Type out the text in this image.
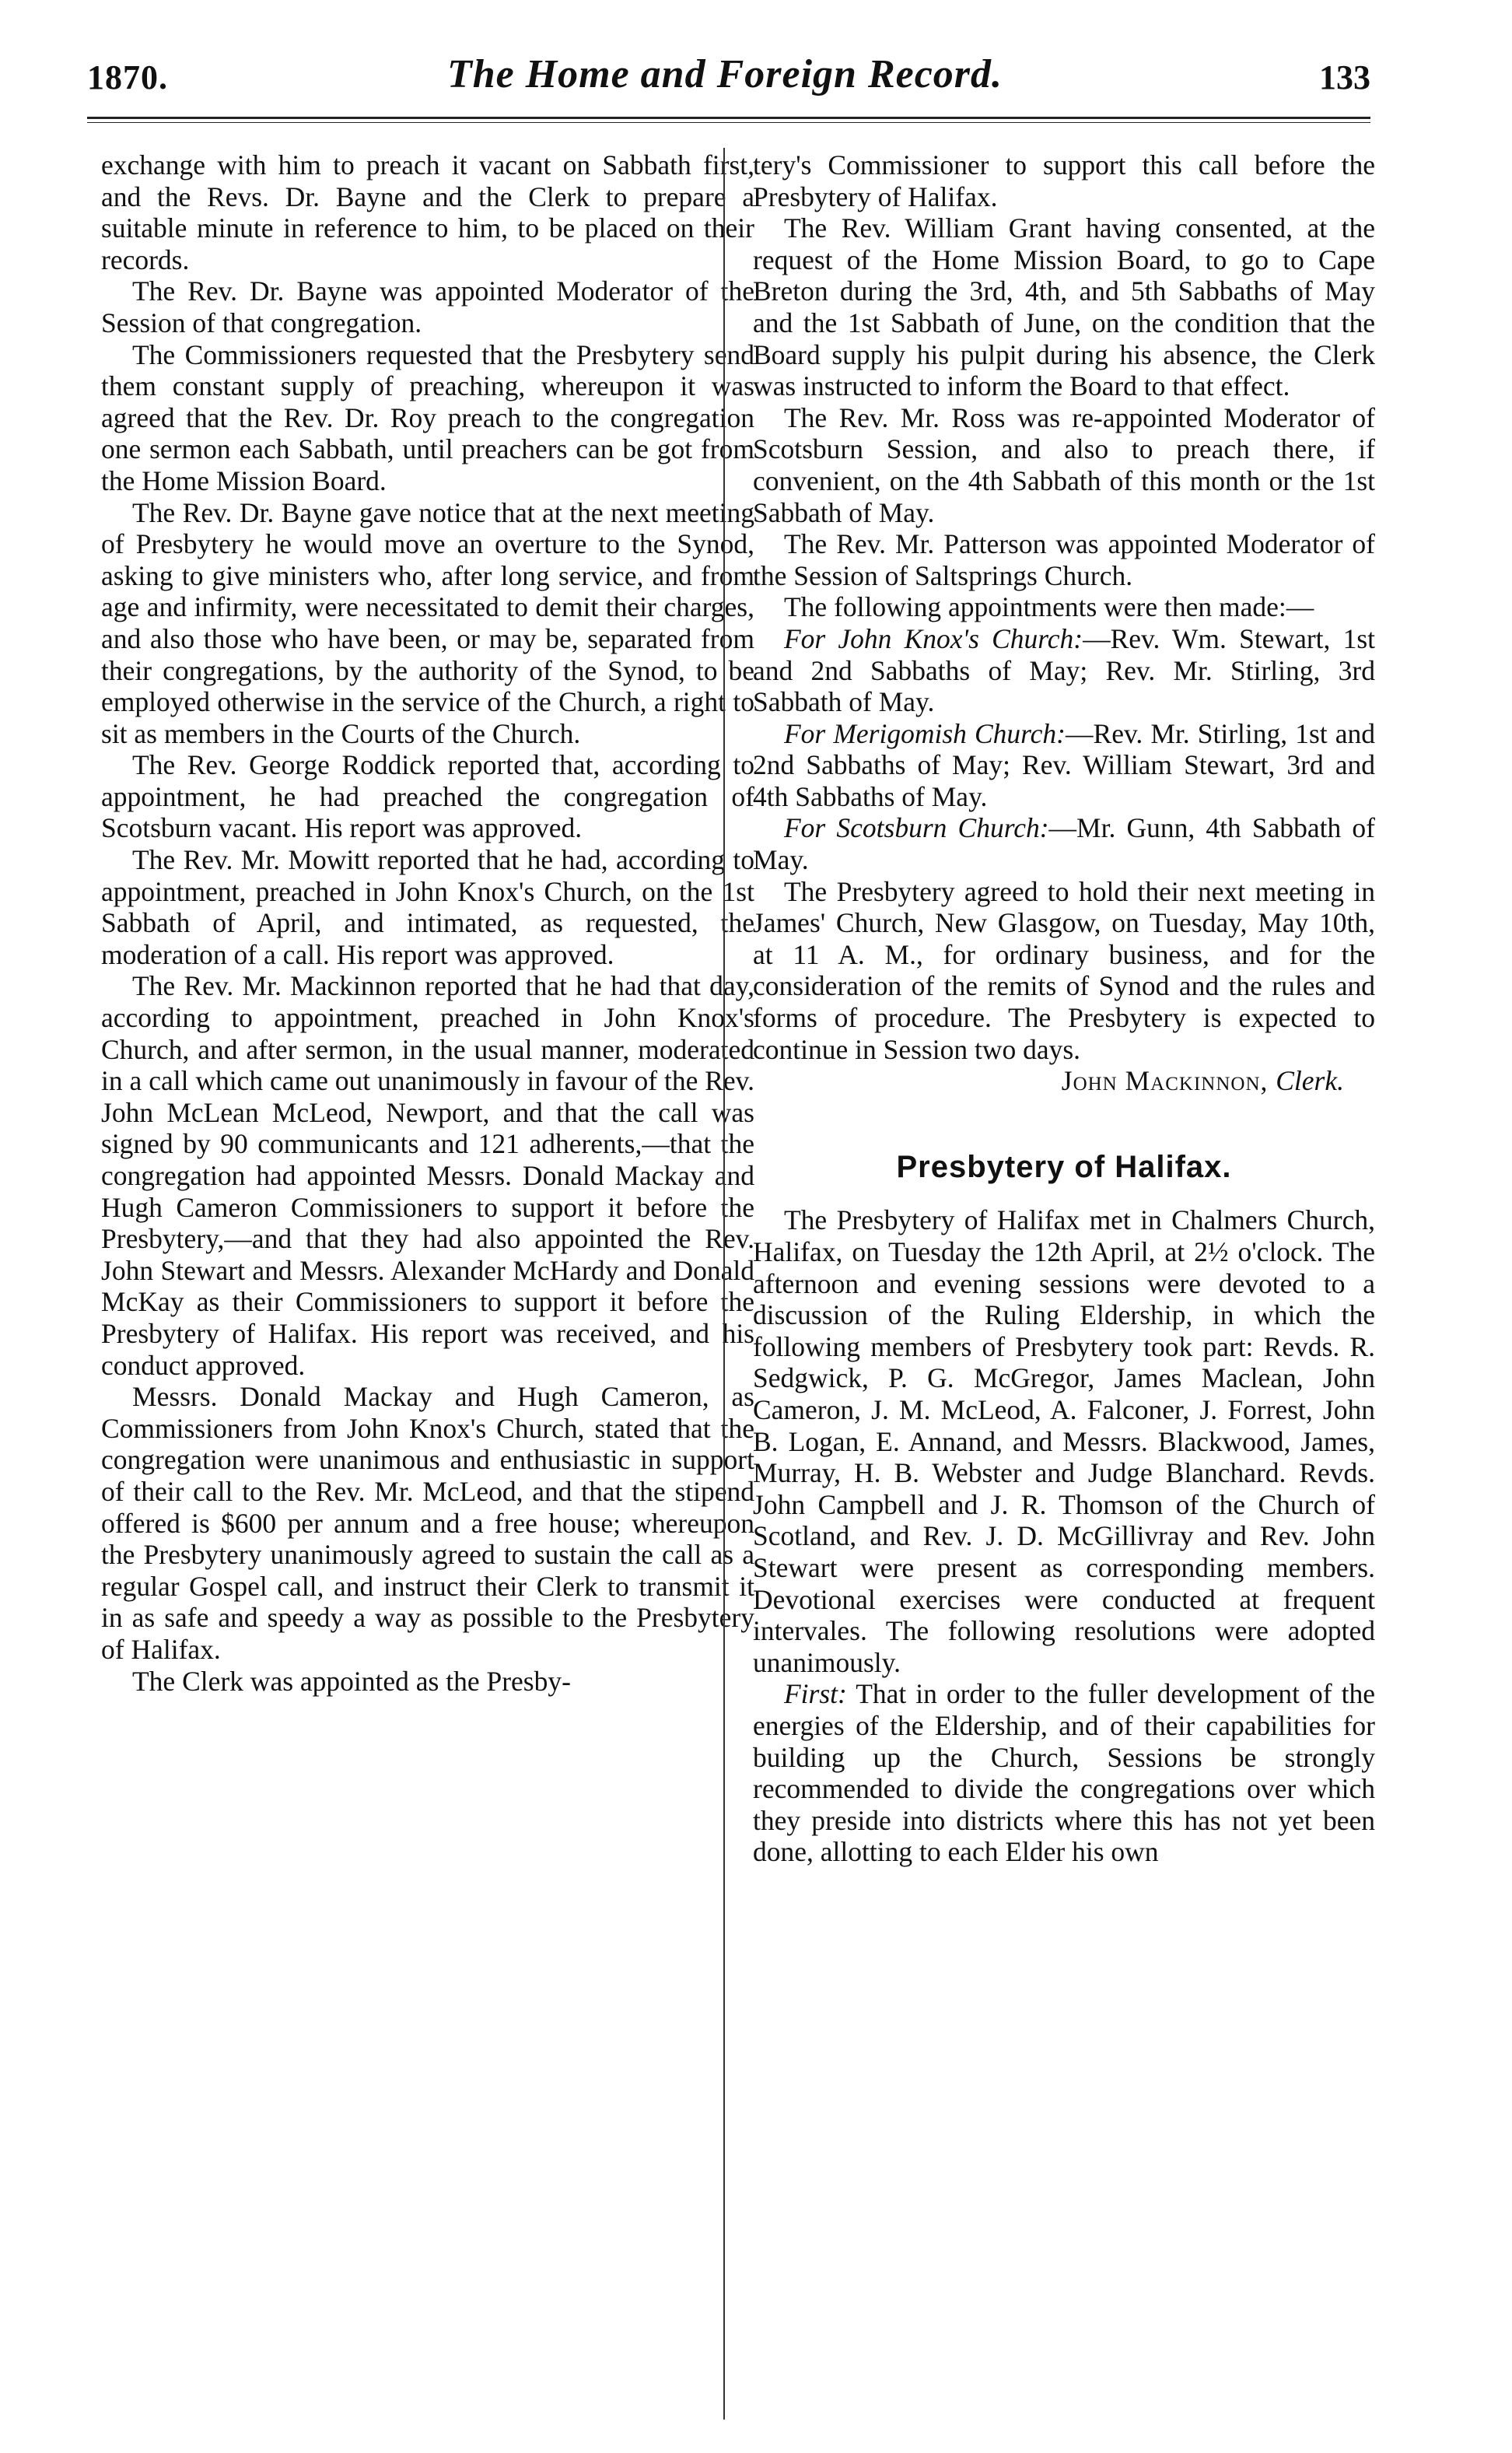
1870.	The Home and Foreign Record.	133

exchange with him to preach it vacant on Sabbath first, and the Revs. Dr. Bayne and the Clerk to prepare a suitable minute in reference to him, to be placed on their records.

The Rev. Dr. Bayne was appointed Moderator of the Session of that congregation.

The Commissioners requested that the Presbytery send them constant supply of preaching, whereupon it was agreed that the Rev. Dr. Roy preach to the congregation one sermon each Sabbath, until preachers can be got from the Home Mission Board.

The Rev. Dr. Bayne gave notice that at the next meeting of Presbytery he would move an overture to the Synod, asking to give ministers who, after long service, and from age and infirmity, were necessitated to demit their charges, and also those who have been, or may be, separated from their congregations, by the authority of the Synod, to be employed otherwise in the service of the Church, a right to sit as members in the Courts of the Church.

The Rev. George Roddick reported that, according to appointment, he had preached the congregation of Scotsburn vacant. His report was approved.

The Rev. Mr. Mowitt reported that he had, according to appointment, preached in John Knox's Church, on the 1st Sabbath of April, and intimated, as requested, the moderation of a call. His report was approved.

The Rev. Mr. Mackinnon reported that he had that day, according to appointment, preached in John Knox's Church, and after sermon, in the usual manner, moderated in a call which came out unanimously in favour of the Rev. John McLean McLeod, Newport, and that the call was signed by 90 communicants and 121 adherents,—that the congregation had appointed Messrs. Donald Mackay and Hugh Cameron Commissioners to support it before the Presbytery,—and that they had also appointed the Rev. John Stewart and Messrs. Alexander McHardy and Donald McKay as their Commissioners to support it before the Presbytery of Halifax. His report was received, and his conduct approved.

Messrs. Donald Mackay and Hugh Cameron, as Commissioners from John Knox's Church, stated that the congregation were unanimous and enthusiastic in support of their call to the Rev. Mr. McLeod, and that the stipend offered is $600 per annum and a free house; whereupon the Presbytery unanimously agreed to sustain the call as a regular Gospel call, and instruct their Clerk to transmit it in as safe and speedy a way as possible to the Presbytery of Halifax.

The Clerk was appointed as the Presby-

tery's Commissioner to support this call before the Presbytery of Halifax.

The Rev. William Grant having consented, at the request of the Home Mission Board, to go to Cape Breton during the 3rd, 4th, and 5th Sabbaths of May and the 1st Sabbath of June, on the condition that the Board supply his pulpit during his absence, the Clerk was instructed to inform the Board to that effect.

The Rev. Mr. Ross was re-appointed Moderator of Scotsburn Session, and also to preach there, if convenient, on the 4th Sabbath of this month or the 1st Sabbath of May.

The Rev. Mr. Patterson was appointed Moderator of the Session of Saltsprings Church.

The following appointments were then made:—

For John Knox's Church:—Rev. Wm. Stewart, 1st and 2nd Sabbaths of May; Rev. Mr. Stirling, 3rd Sabbath of May.

For Merigomish Church:—Rev. Mr. Stirling, 1st and 2nd Sabbaths of May; Rev. William Stewart, 3rd and 4th Sabbaths of May.

For Scotsburn Church:—Mr. Gunn, 4th Sabbath of May.

The Presbytery agreed to hold their next meeting in James' Church, New Glasgow, on Tuesday, May 10th, at 11 A. M., for ordinary business, and for the consideration of the remits of Synod and the rules and forms of procedure. The Presbytery is expected to continue in Session two days.

John Mackinnon, Clerk.

Presbytery of Halifax.

The Presbytery of Halifax met in Chalmers Church, Halifax, on Tuesday the 12th April, at 2½ o'clock. The afternoon and evening sessions were devoted to a discussion of the Ruling Eldership, in which the following members of Presbytery took part: Revds. R. Sedgwick, P. G. McGregor, James Maclean, John Cameron, J. M. McLeod, A. Falconer, J. Forrest, John B. Logan, E. Annand, and Messrs. Blackwood, James, Murray, H. B. Webster and Judge Blanchard. Revds. John Campbell and J. R. Thomson of the Church of Scotland, and Rev. J. D. McGillivray and Rev. John Stewart were present as corresponding members. Devotional exercises were conducted at frequent intervales. The following resolutions were adopted unanimously.

First: That in order to the fuller development of the energies of the Eldership, and of their capabilities for building up the Church, Sessions be strongly recommended to divide the congregations over which they preside into districts where this has not yet been done, allotting to each Elder his own
